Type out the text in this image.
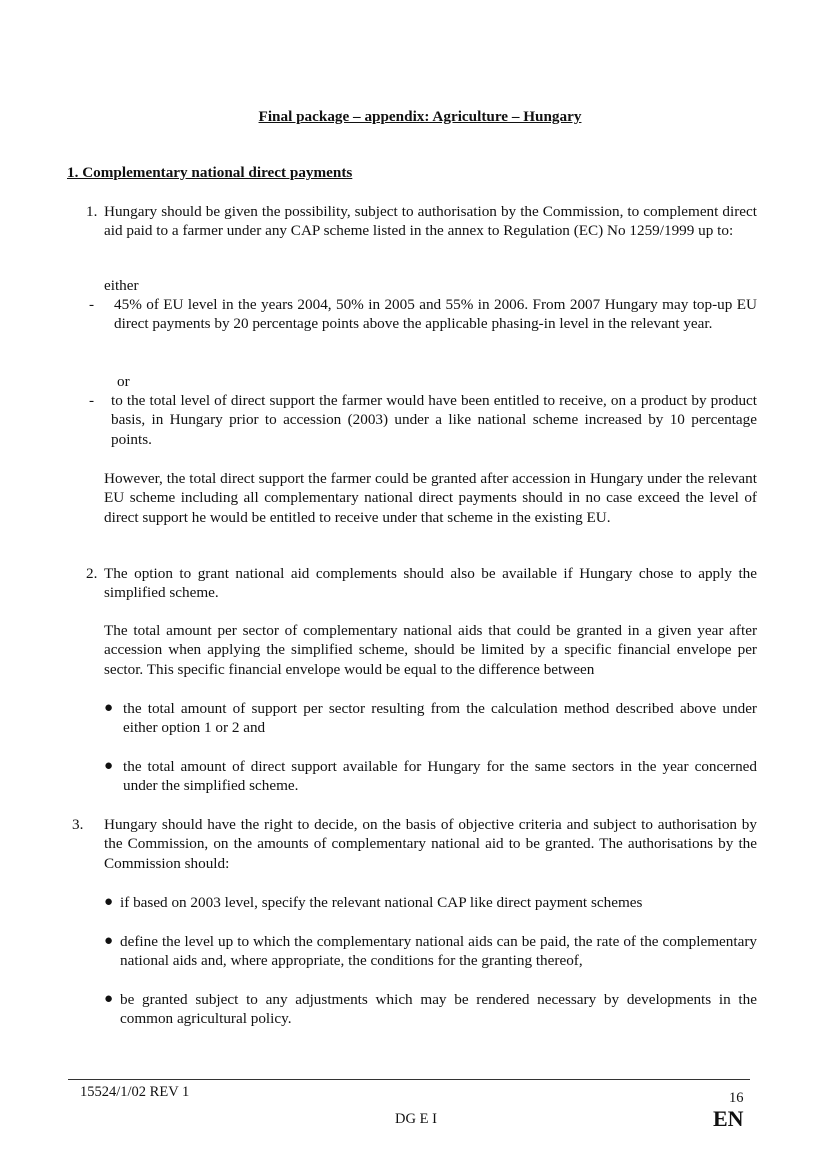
Final package – appendix: Agriculture – Hungary
1. Complementary national direct payments
1. Hungary should be given the possibility, subject to authorisation by the Commission, to complement direct aid paid to a farmer under any CAP scheme listed in the annex to Regulation (EC) No 1259/1999 up to:
either
- 45% of EU level in the years 2004, 50% in 2005 and 55% in 2006. From 2007 Hungary may top-up EU direct payments by 20 percentage points above the applicable phasing-in level in the relevant year.
or
- to the total level of direct support the farmer would have been entitled to receive, on a product by product basis, in Hungary prior to accession (2003) under a like national scheme increased by 10 percentage points.
However, the total direct support the farmer could be granted after accession in Hungary under the relevant EU scheme including all complementary national direct payments should in no case exceed the level of direct support he would be entitled to receive under that scheme in the existing EU.
2. The option to grant national aid complements should also be available if Hungary chose to apply the simplified scheme.
The total amount per sector of complementary national aids that could be granted in a given year after accession when applying the simplified scheme, should be limited by a specific financial envelope per sector. This specific financial envelope would be equal to the difference between
● the total amount of support per sector resulting from the calculation method described above under either option 1 or 2 and
● the total amount of direct support available for Hungary for the same sectors in the year concerned under the simplified scheme.
3.	Hungary should have the right to decide, on the basis of objective criteria and subject to authorisation by the Commission, on the amounts of complementary national aid to be granted. The authorisations by the Commission should:
● if based on 2003 level, specify the relevant national CAP like direct payment schemes
● define the level up to which the complementary national aids can be paid, the rate of the complementary national aids and, where appropriate, the conditions for the granting thereof,
● be granted subject to any adjustments which may be rendered necessary by developments in the common agricultural policy.
15524/1/02 REV 1	16
DG E I	EN
